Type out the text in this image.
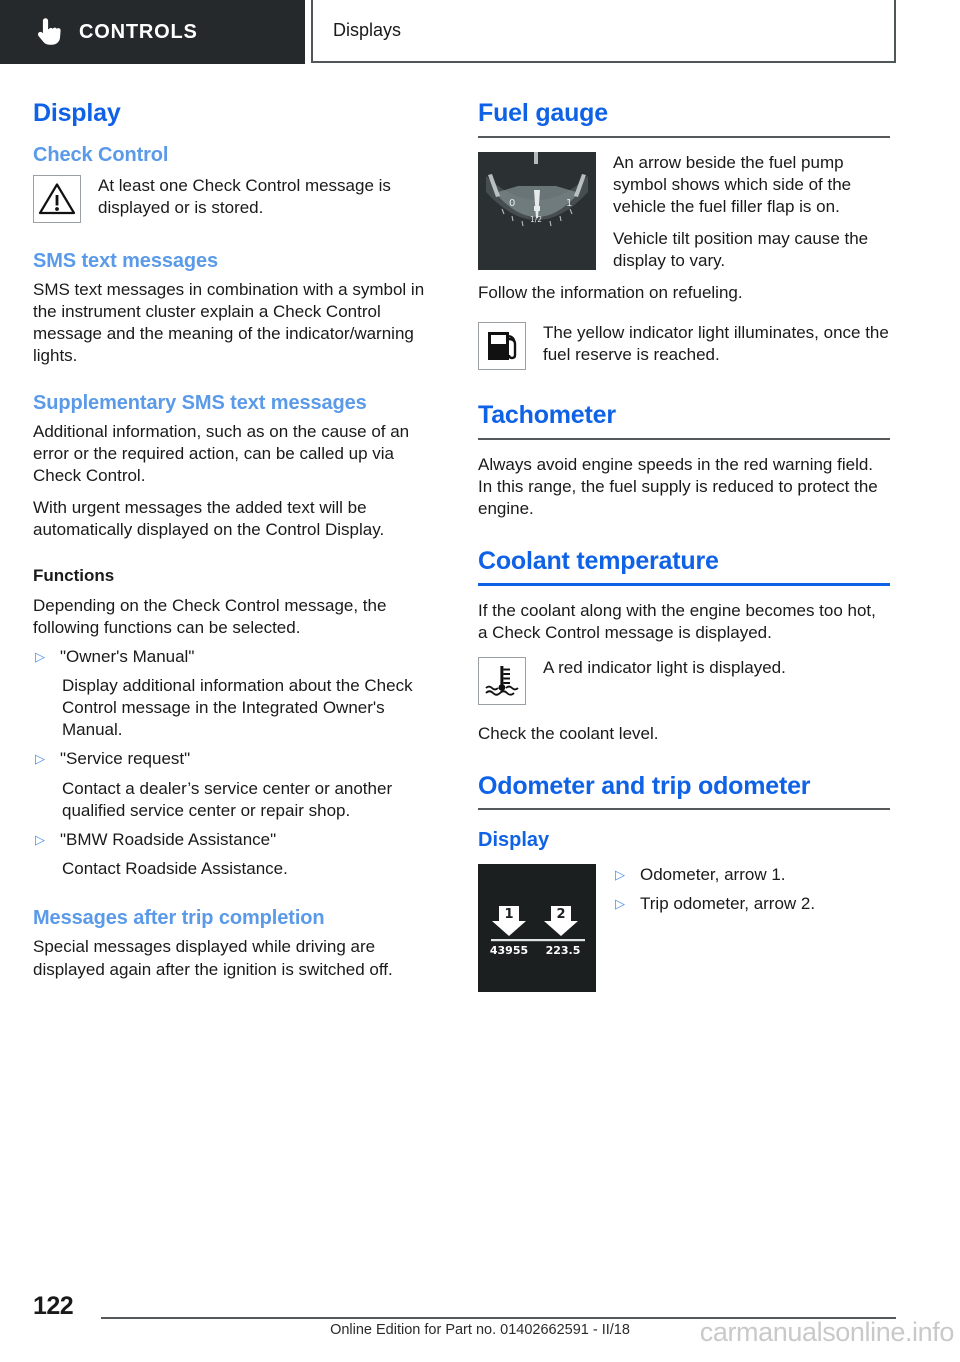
CONTROLS	Displays
Display
Check Control
At least one Check Control message is displayed or is stored.
SMS text messages

SMS text messages in combination with a symbol in the instrument cluster explain a Check Control message and the meaning of the indicator/warning lights.

Supplementary SMS text messages

Additional information, such as on the cause of an error or the required action, can be called up via Check Control.

With urgent messages the added text will be automatically displayed on the Control Display.

Functions

Depending on the Check Control message, the following functions can be selected.

▷ "Owner's Manual"
Display additional information about the Check Control message in the Integrated Owner's Manual.
▷ "Service request"
Contact a dealer’s service center or another qualified service center or repair shop.
▷ "BMW Roadside Assistance"
Contact Roadside Assistance.
Messages after trip completion

Special messages displayed while driving are displayed again after the ignition is switched off.

Fuel gauge
0	1
1/2

An arrow beside the fuel pump symbol shows which side of the vehicle the fuel filler flap is on.

Vehicle tilt position may cause the display to vary.

Follow the information on refueling.

The yellow indicator light illuminates, once the fuel reserve is reached.
Tachometer

Always avoid engine speeds in the red warning field. In this range, the fuel supply is reduced to protect the engine.

Coolant temperature

If the coolant along with the engine becomes too hot, a Check Control message is displayed.

A red indicator light is displayed.

Check the coolant level.

Odometer and trip odometer
Display
1	2
43955 223.5
▷ Odometer, arrow 1.
▷ Trip odometer, arrow 2.
122
Online Edition for Part no. 01402662591 - II/18	carmanualsonline.info
